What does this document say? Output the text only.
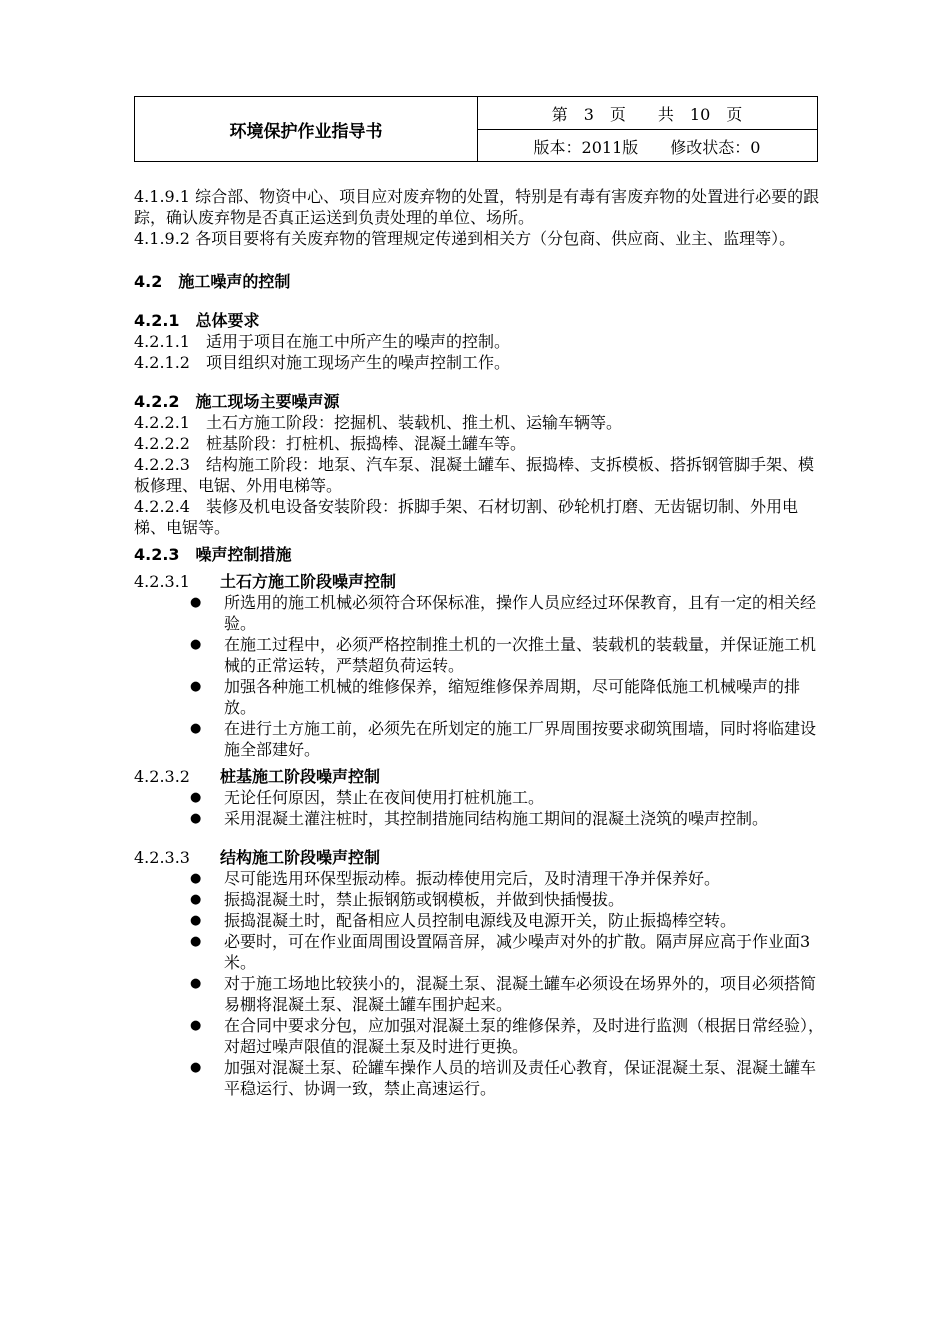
环境保护作业指导书
第　3　页　　共　10　页
版本：2011版　　修改状态：0

4.1.9.1 综合部、物资中心、项目应对废弃物的处置，特别是有毒有害废弃物的处置进行必要的跟踪，确认废弃物是否真正运送到负责处理的单位、场所。

4.1.9.2 各项目要将有关废弃物的管理规定传递到相关方（分包商、供应商、业主、监理等）。

4.2　施工噪声的控制

4.2.1　总体要求

4.2.1.1　适用于项目在施工中所产生的噪声的控制。

4.2.1.2　项目组织对施工现场产生的噪声控制工作。

4.2.2　施工现场主要噪声源

4.2.2.1　土石方施工阶段：挖掘机、装载机、推土机、运输车辆等。

4.2.2.2　桩基阶段：打桩机、振捣棒、混凝土罐车等。

4.2.2.3　结构施工阶段：地泵、汽车泵、混凝土罐车、振捣棒、支拆模板、搭拆钢管脚手架、模板修理、电锯、外用电梯等。

4.2.2.4　装修及机电设备安装阶段：拆脚手架、石材切割、砂轮机打磨、无齿锯切制、外用电梯、电锯等。

4.2.3　噪声控制措施

4.2.3.1	土石方施工阶段噪声控制
●	所选用的施工机械必须符合环保标准，操作人员应经过环保教育，且有一定的相关经验。
●	在施工过程中，必须严格控制推土机的一次推土量、装载机的装载量，并保证施工机械的正常运转，严禁超负荷运转。
●	加强各种施工机械的维修保养，缩短维修保养周期，尽可能降低施工机械噪声的排放。
●	在进行土方施工前，必须先在所划定的施工厂界周围按要求砌筑围墙，同时将临建设施全部建好。
4.2.3.2	桩基施工阶段噪声控制
●	无论任何原因，禁止在夜间使用打桩机施工。
●	采用混凝土灌注桩时，其控制措施同结构施工期间的混凝土浇筑的噪声控制。
4.2.3.3	结构施工阶段噪声控制
●	尽可能选用环保型振动棒。振动棒使用完后，及时清理干净并保养好。
●	振捣混凝土时，禁止振钢筋或钢模板，并做到快插慢拔。
●	振捣混凝土时，配备相应人员控制电源线及电源开关，防止振捣棒空转。
●	必要时，可在作业面周围设置隔音屏，减少噪声对外的扩散。隔声屏应高于作业面3米。
●	对于施工场地比较狭小的，混凝土泵、混凝土罐车必须设在场界外的，项目必须搭简易棚将混凝土泵、混凝土罐车围护起来。
●	在合同中要求分包，应加强对混凝土泵的维修保养，及时进行监测（根据日常经验），对超过噪声限值的混凝土泵及时进行更换。
●	加强对混凝土泵、砼罐车操作人员的培训及责任心教育，保证混凝土泵、混凝土罐车平稳运行、协调一致，禁止高速运行。
